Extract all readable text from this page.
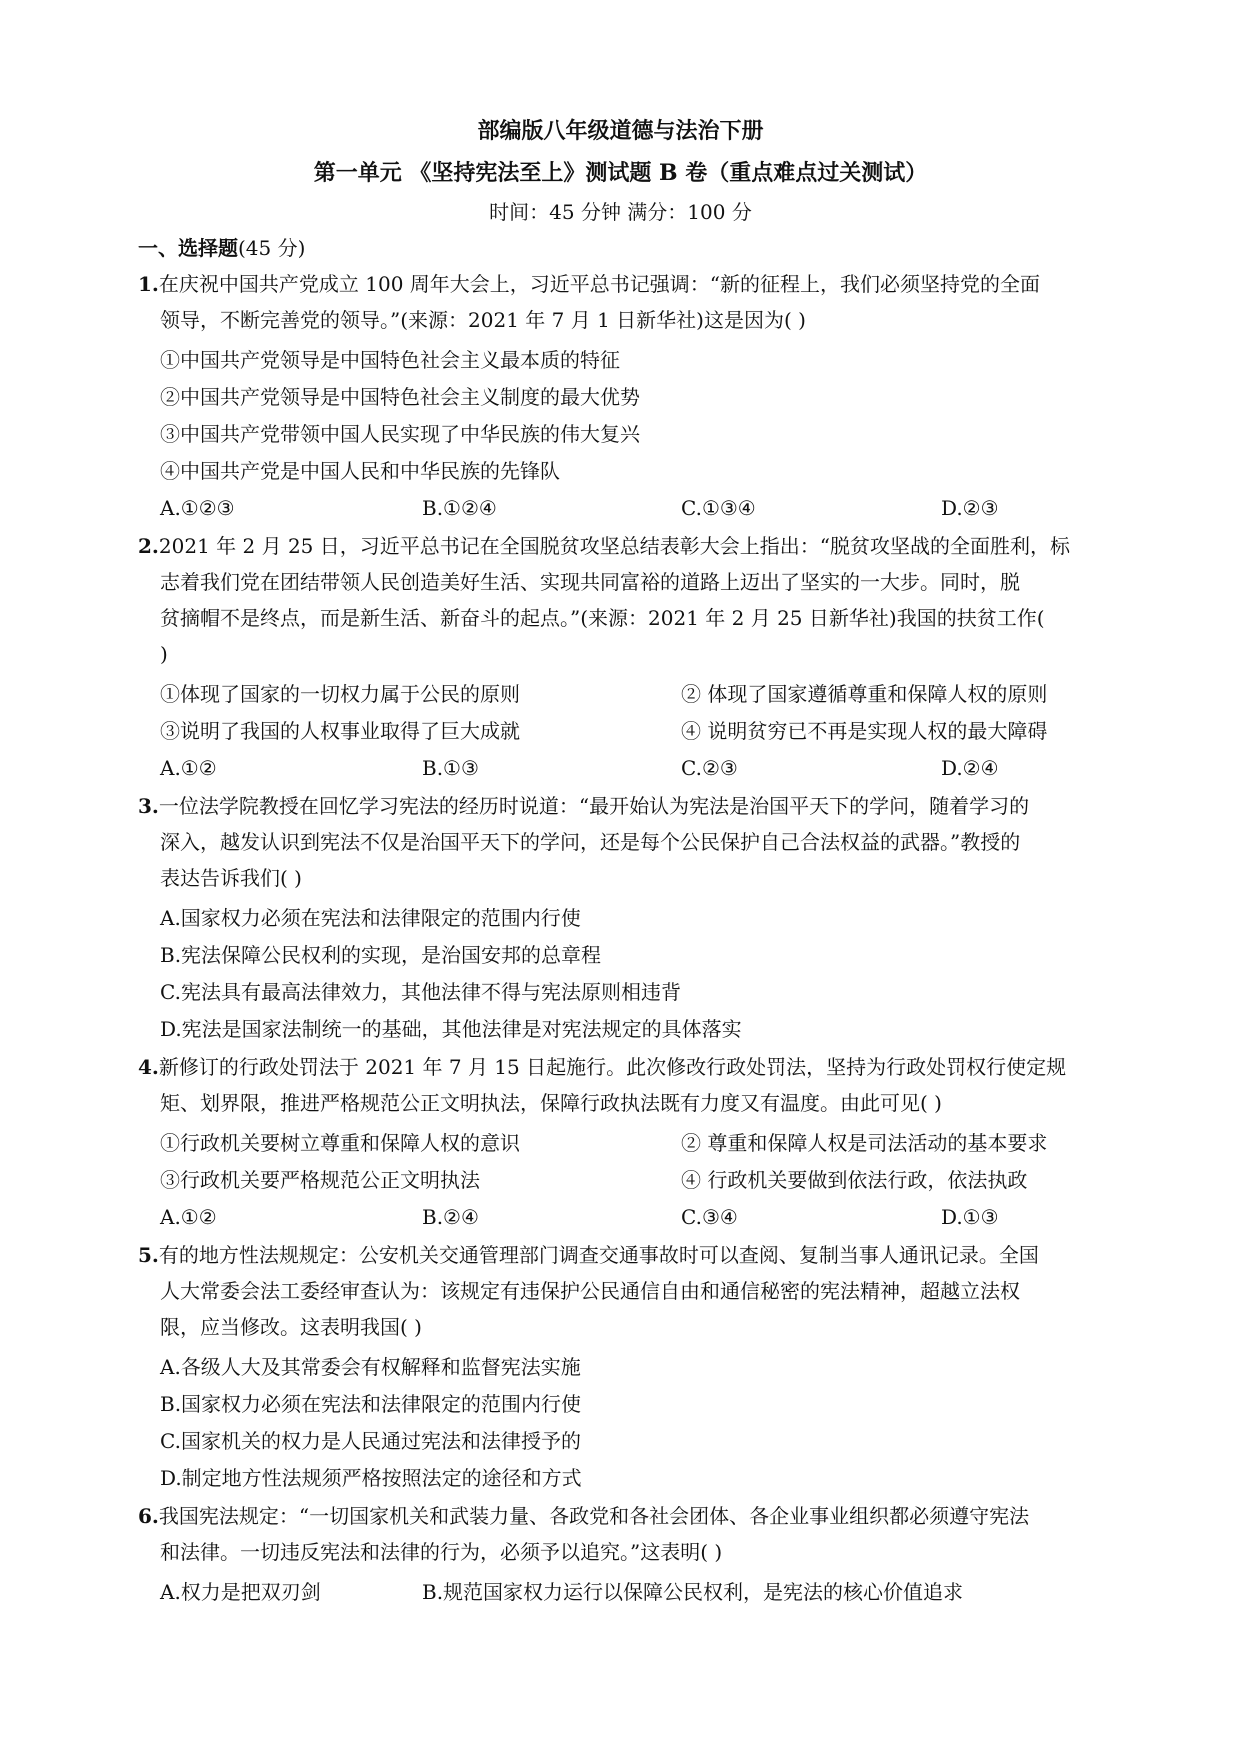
部编版八年级道德与法治下册
第一单元 《坚持宪法至上》测试题 B 卷（重点难点过关测试）
时间：45 分钟 满分：100 分
一、选择题(45 分)
1.在庆祝中国共产党成立 100 周年大会上，习近平总书记强调：“新的征程上，我们必须坚持党的全面
领导，不断完善党的领导。”(来源：2021 年 7 月 1 日新华社)这是因为( )
①中国共产党领导是中国特色社会主义最本质的特征
②中国共产党领导是中国特色社会主义制度的最大优势
③中国共产党带领中国人民实现了中华民族的伟大复兴
④中国共产党是中国人民和中华民族的先锋队
A.①②③	B.①②④	C.①③④	D.②③
2.2021 年 2 月 25 日，习近平总书记在全国脱贫攻坚总结表彰大会上指出：“脱贫攻坚战的全面胜利，标
志着我们党在团结带领人民创造美好生活、实现共同富裕的道路上迈出了坚实的一大步。同时，脱
贫摘帽不是终点，而是新生活、新奋斗的起点。”(来源：2021 年 2 月 25 日新华社)我国的扶贫工作(
)
①体现了国家的一切权力属于公民的原则	② 体现了国家遵循尊重和保障人权的原则
③说明了我国的人权事业取得了巨大成就	④ 说明贫穷已不再是实现人权的最大障碍
A.①②	B.①③	C.②③	D.②④
3.一位法学院教授在回忆学习宪法的经历时说道：“最开始认为宪法是治国平天下的学问，随着学习的
深入，越发认识到宪法不仅是治国平天下的学问，还是每个公民保护自己合法权益的武器。”教授的
表达告诉我们( )
A.国家权力必须在宪法和法律限定的范围内行使
B.宪法保障公民权利的实现，是治国安邦的总章程
C.宪法具有最高法律效力，其他法律不得与宪法原则相违背
D.宪法是国家法制统一的基础，其他法律是对宪法规定的具体落实
4.新修订的行政处罚法于 2021 年 7 月 15 日起施行。此次修改行政处罚法，坚持为行政处罚权行使定规
矩、划界限，推进严格规范公正文明执法，保障行政执法既有力度又有温度。由此可见( )
①行政机关要树立尊重和保障人权的意识	② 尊重和保障人权是司法活动的基本要求
③行政机关要严格规范公正文明执法	④ 行政机关要做到依法行政，依法执政
A.①②	B.②④	C.③④	D.①③
5.有的地方性法规规定：公安机关交通管理部门调查交通事故时可以查阅、复制当事人通讯记录。全国
人大常委会法工委经审查认为：该规定有违保护公民通信自由和通信秘密的宪法精神，超越立法权
限，应当修改。这表明我国( )
A.各级人大及其常委会有权解释和监督宪法实施
B.国家权力必须在宪法和法律限定的范围内行使
C.国家机关的权力是人民通过宪法和法律授予的
D.制定地方性法规须严格按照法定的途径和方式
6.我国宪法规定：“一切国家机关和武装力量、各政党和各社会团体、各企业事业组织都必须遵守宪法
和法律。一切违反宪法和法律的行为，必须予以追究。”这表明( )
A.权力是把双刃剑	B.规范国家权力运行以保障公民权利，是宪法的核心价值追求
